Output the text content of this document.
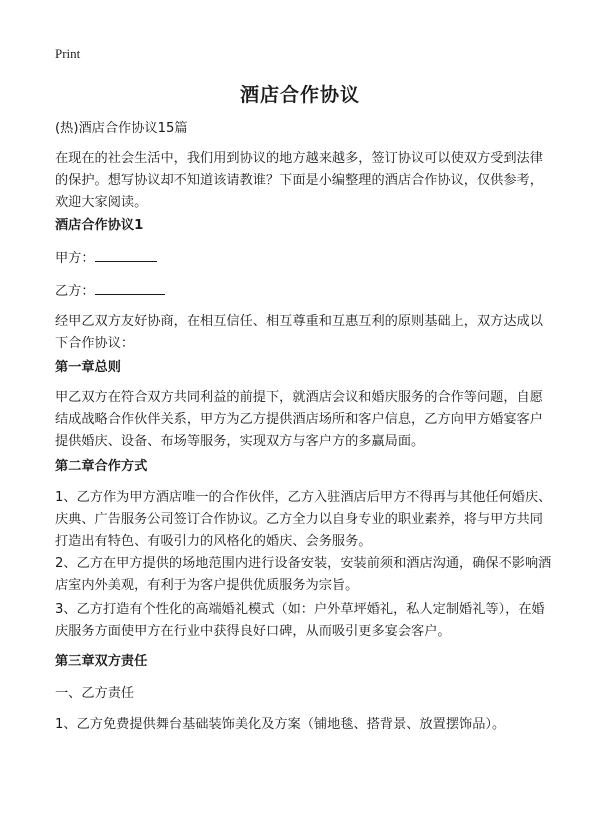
Print
酒店合作协议

(热)酒店合作协议15篇

在现在的社会生活中，我们用到协议的地方越来越多，签订协议可以使双方受到法律的保护。想写协议却不知道该请教谁？下面是小编整理的酒店合作协议，仅供参考，欢迎大家阅读。

酒店合作协议1

甲方：

乙方：

经甲乙双方友好协商，在相互信任、相互尊重和互惠互利的原则基础上，双方达成以下合作协议：

第一章总则

甲乙双方在符合双方共同利益的前提下，就酒店会议和婚庆服务的合作等问题，自愿结成战略合作伙伴关系，甲方为乙方提供酒店场所和客户信息，乙方向甲方婚宴客户提供婚庆、设备、布场等服务，实现双方与客户方的多赢局面。

第二章合作方式

1、乙方作为甲方酒店唯一的合作伙伴，乙方入驻酒店后甲方不得再与其他任何婚庆、庆典、广告服务公司签订合作协议。乙方全力以自身专业的职业素养，将与甲方共同打造出有特色、有吸引力的风格化的婚庆、会务服务。

2、乙方在甲方提供的场地范围内进行设备安装，安装前须和酒店沟通，确保不影响酒店室内外美观，有利于为客户提供优质服务为宗旨。

3、乙方打造有个性化的高端婚礼模式（如：户外草坪婚礼，私人定制婚礼等），在婚庆服务方面使甲方在行业中获得良好口碑，从而吸引更多宴会客户。

第三章双方责任

一、乙方责任

1、乙方免费提供舞台基础装饰美化及方案（铺地毯、搭背景、放置摆饰品）。
